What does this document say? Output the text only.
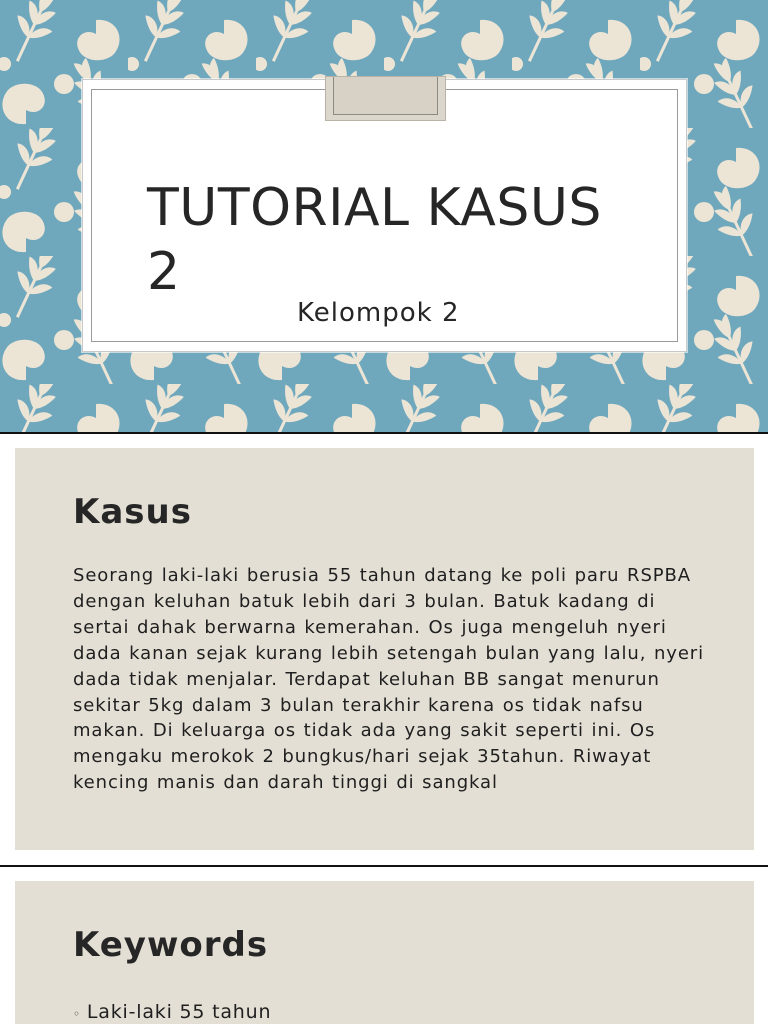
TUTORIAL KASUS 2
Kelompok 2
Kasus

Seorang laki-laki berusia 55 tahun datang ke poli paru RSPBA dengan keluhan batuk lebih dari 3 bulan. Batuk kadang di sertai dahak berwarna kemerahan. Os juga mengeluh nyeri dada kanan sejak kurang lebih setengah bulan yang lalu, nyeri dada tidak menjalar. Terdapat keluhan BB sangat menurun sekitar 5kg dalam 3 bulan terakhir karena os tidak nafsu makan. Di keluarga os tidak ada yang sakit seperti ini. Os mengaku merokok 2 bungkus/hari sejak 35tahun. Riwayat kencing manis dan darah tinggi di sangkal

Keywords
◦ Laki-laki 55 tahun
